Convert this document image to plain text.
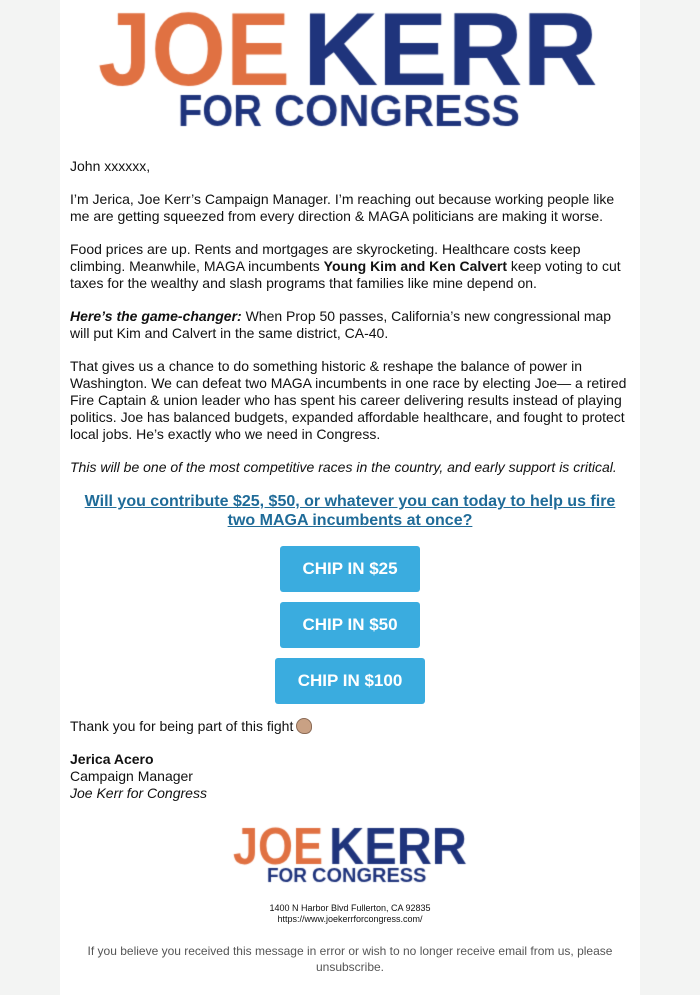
John xxxxxx,

I’m Jerica, Joe Kerr’s Campaign Manager. I’m reaching out because working people like me are getting squeezed from every direction & MAGA politicians are making it worse.

Food prices are up. Rents and mortgages are skyrocketing. Healthcare costs keep climbing. Meanwhile, MAGA incumbents Young Kim and Ken Calvert keep voting to cut taxes for the wealthy and slash programs that families like mine depend on.

Here’s the game-changer: When Prop 50 passes, California’s new congressional map will put Kim and Calvert in the same district, CA-40.

That gives us a chance to do something historic & reshape the balance of power in Washington. We can defeat two MAGA incumbents in one race by electing Joe— a retired Fire Captain & union leader who has spent his career delivering results instead of playing politics. Joe has balanced budgets, expanded affordable healthcare, and fought to protect local jobs. He’s exactly who we need in Congress.

This will be one of the most competitive races in the country, and early support is critical.

Will you contribute $25, $50, or whatever you can today to help us fire two MAGA incumbents at once?
CHIP IN $25
CHIP IN $50
CHIP IN $100

Thank you for being part of this fight

Jerica Acero
Campaign Manager
Joe Kerr for Congress
1400 N Harbor Blvd Fullerton, CA 92835
https://www.joekerrforcongress.com/
If you believe you received this message in error or wish to no longer receive email from us, please unsubscribe.
